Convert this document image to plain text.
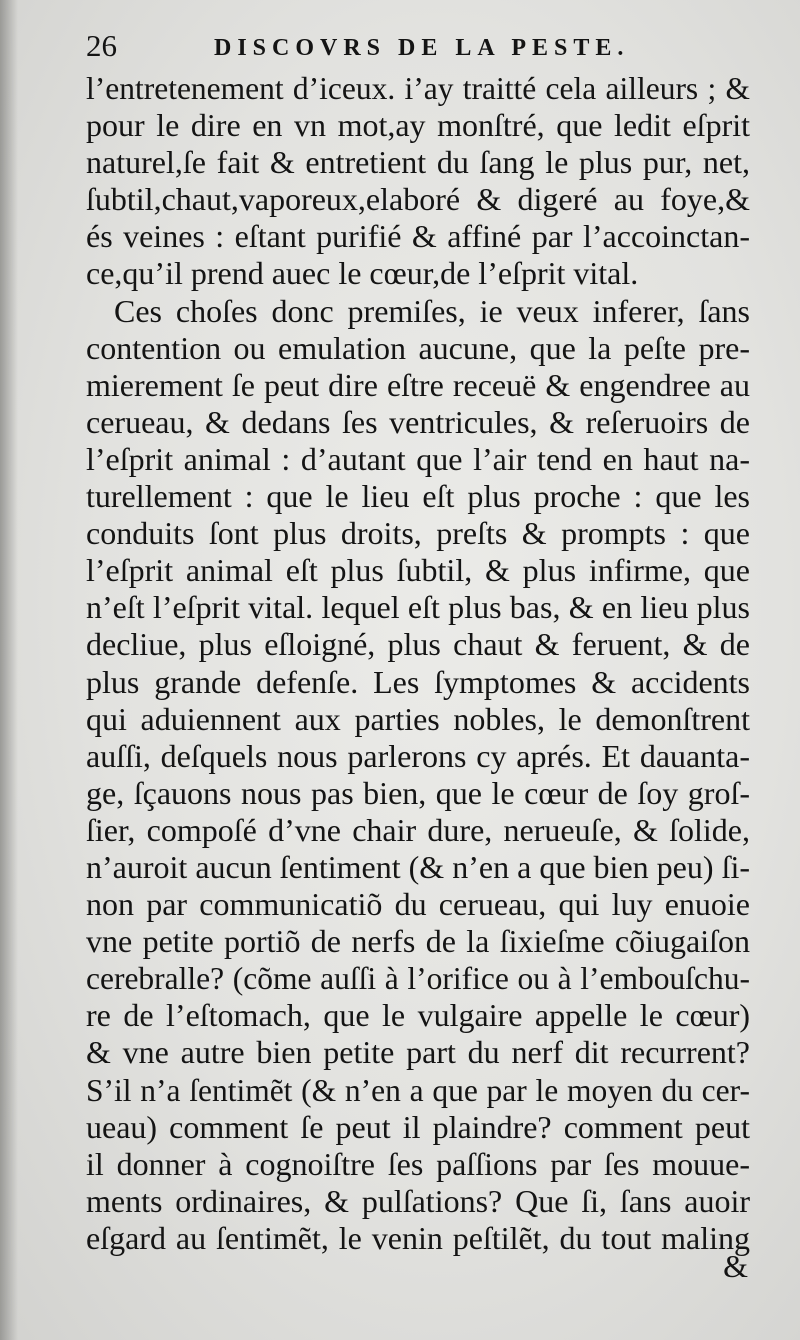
26	DISCOVRS DE LA PESTE.
l’entretenement d’iceux. i’ay traitté cela ailleurs ; &
pour le dire en vn mot,ay monſtré, que ledit eſprit
naturel,ſe fait & entretient du ſang le plus pur, net,
ſubtil,chaut,vaporeux,elaboré & digeré au foye,&
és veines : eſtant purifié & affiné par l’accoinctan-
ce,qu’il prend auec le cœur,de l’eſprit vital.
Ces choſes donc premiſes, ie veux inferer, ſans
contention ou emulation aucune, que la peſte pre-
mierement ſe peut dire eſtre receuë & engendree au
cerueau, & dedans ſes ventricules, & reſeruoirs de
l’eſprit animal : d’autant que l’air tend en haut na-
turellement : que le lieu eſt plus proche : que les
conduits ſont plus droits, preſts & prompts : que
l’eſprit animal eſt plus ſubtil, & plus infirme, que
n’eſt l’eſprit vital. lequel eſt plus bas, & en lieu plus
decliue, plus eſloigné, plus chaut & feruent, & de
plus grande defenſe. Les ſymptomes & accidents
qui aduiennent aux parties nobles, le demonſtrent
auſſi, deſquels nous parlerons cy aprés. Et dauanta-
ge, ſçauons nous pas bien, que le cœur de ſoy groſ-
ſier, compoſé d’vne chair dure, nerueuſe, & ſolide,
n’auroit aucun ſentiment (& n’en a que bien peu) ſi-
non par communicatiõ du cerueau, qui luy enuoie
vne petite portiõ de nerfs de la ſixieſme cõiugaiſon
cerebralle? (cõme auſſi à l’orifice ou à l’embouſchu-
re de l’eſtomach, que le vulgaire appelle le cœur)
& vne autre bien petite part du nerf dit recurrent?
S’il n’a ſentimẽt (& n’en a que par le moyen du cer-
ueau) comment ſe peut il plaindre? comment peut
il donner à cognoiſtre ſes paſſions par ſes mouue-
ments ordinaires, & pulſations? Que ſi, ſans auoir
eſgard au ſentimẽt, le venin peſtilẽt, du tout maling
&
